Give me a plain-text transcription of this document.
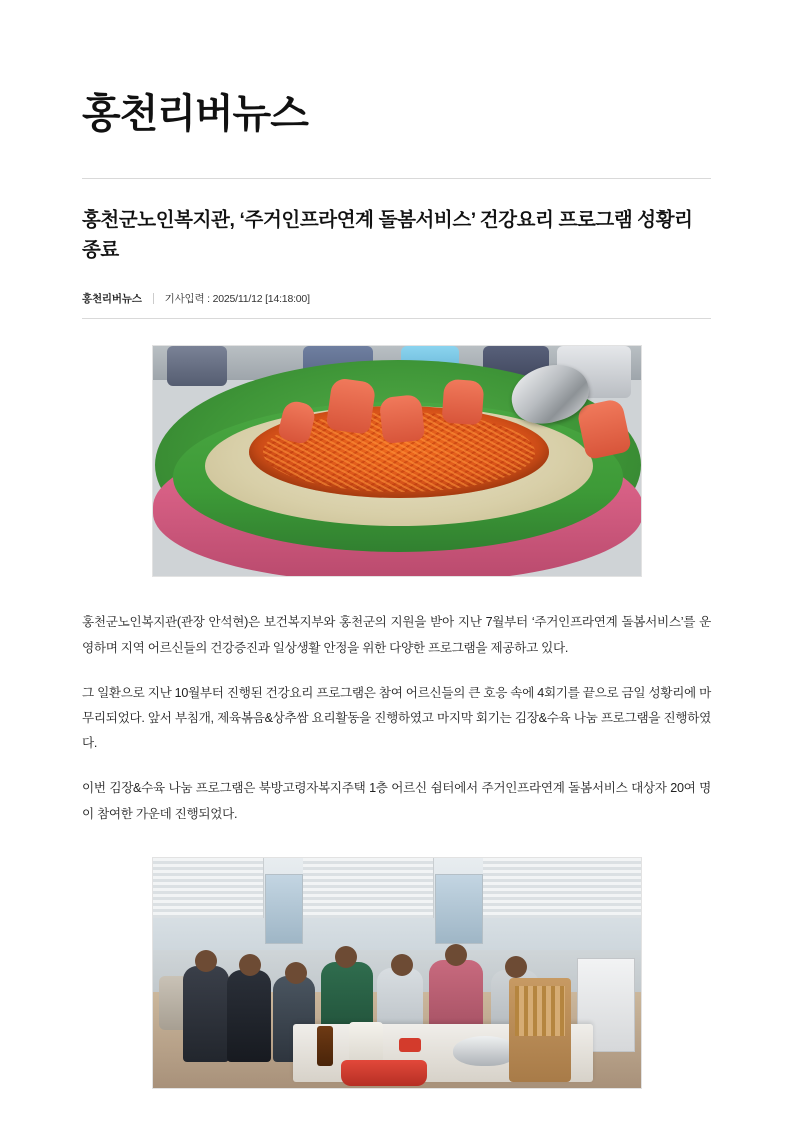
홍천리버뉴스
홍천군노인복지관, ‘주거인프라연계 돌봄서비스’ 건강요리 프로그램 성황리 종료
홍천리버뉴스 기사입력 : 2025/11/12 [14:18:00]

홍천군노인복지관(관장 안석현)은 보건복지부와 홍천군의 지원을 받아 지난 7월부터 ‘주거인프라연계 돌봄서비스’를 운영하며 지역 어르신들의 건강증진과 일상생활 안정을 위한 다양한 프로그램을 제공하고 있다.

그 일환으로 지난 10월부터 진행된 건강요리 프로그램은 참여 어르신들의 큰 호응 속에 4회기를 끝으로 금일 성황리에 마무리되었다. 앞서 부침개, 제육볶음&상추쌈 요리활동을 진행하였고 마지막 회기는 김장&수육 나눔 프로그램을 진행하였다.

이번 김장&수육 나눔 프로그램은 북방고령자복지주택 1층 어르신 쉼터에서 주거인프라연계 돌봄서비스 대상자 20여 명이 참여한 가운데 진행되었다.
